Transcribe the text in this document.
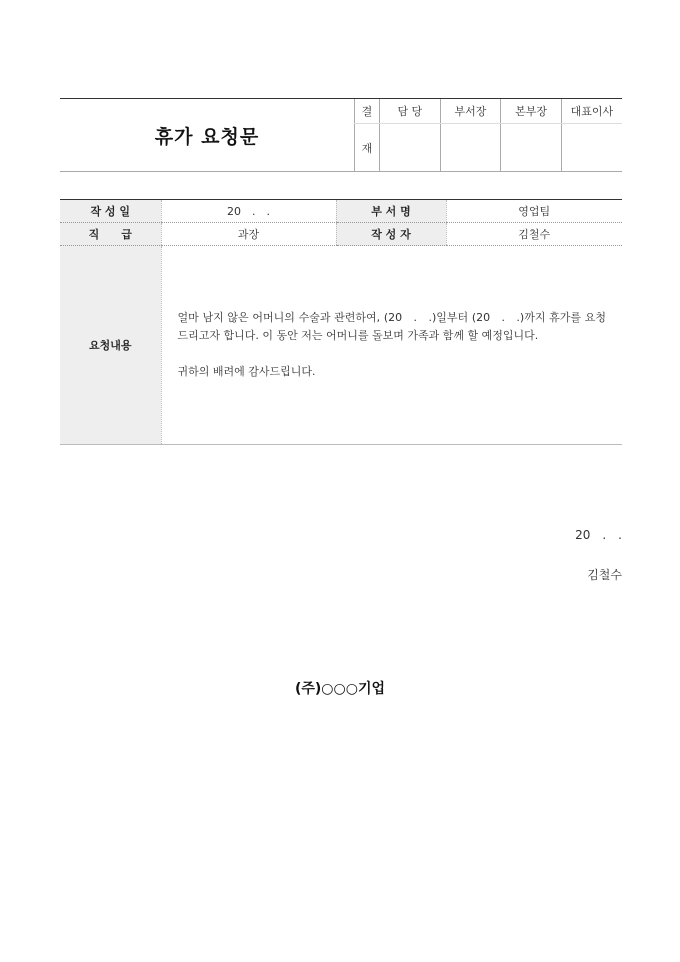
휴가 요청문
결	담 당	부서장	본부장	대표이사
재				
작 성 일	20　.　.	부 서 명	영업팀
직　　급	과장	작 성 자	김철수
요청내용	얼마 남지 않은 어머니의 수술과 관련하여, (20　.　.)일부터 (20　.　.)까지 휴가를 요청 드리고자 합니다. 이 동안 저는 어머니를 돌보며 가족과 함께 할 예정입니다.

귀하의 배려에 감사드립니다.		

20　.　.
김철수
(주)○○○기업
